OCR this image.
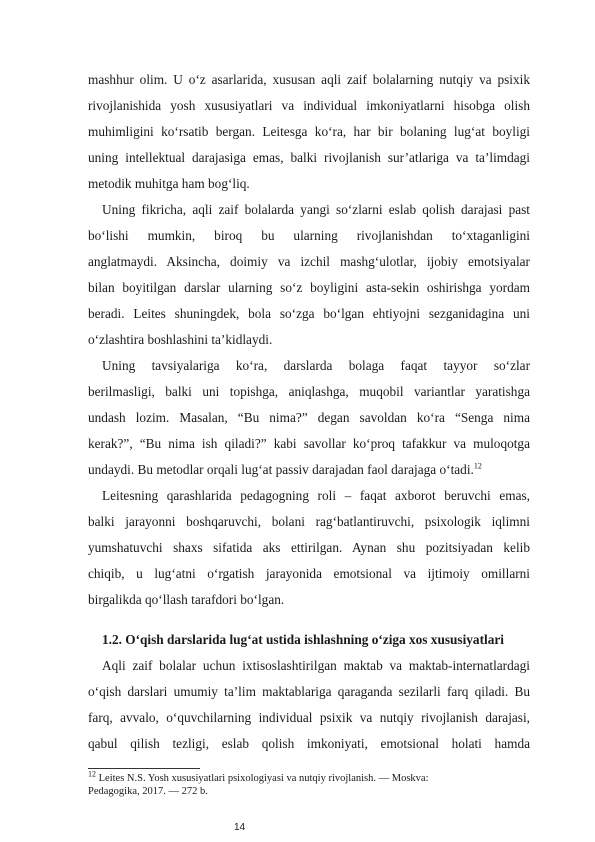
mashhur olim. U o‘z asarlarida, xususan aqli zaif bolalarning nutqiy va psixik
rivojlanishida yosh xususiyatlari va individual imkoniyatlarni hisobga olish
muhimligini ko‘rsatib bergan. Leitesga ko‘ra, har bir bolaning lug‘at boyligi
uning intellektual darajasiga emas, balki rivojlanish sur’atlariga va ta’limdagi
metodik muhitga ham bog‘liq.
Uning fikricha, aqli zaif bolalarda yangi so‘zlarni eslab qolish darajasi past
bo‘lishi mumkin, biroq bu ularning rivojlanishdan to‘xtaganligini
anglatmaydi. Aksincha, doimiy va izchil mashg‘ulotlar, ijobiy emotsiyalar
bilan boyitilgan darslar ularning so‘z boyligini asta-sekin oshirishga yordam
beradi. Leites shuningdek, bola so‘zga bo‘lgan ehtiyojni sezganidagina uni
o‘zlashtira boshlashini ta’kidlaydi.
Uning tavsiyalariga ko‘ra, darslarda bolaga faqat tayyor so‘zlar
berilmasligi, balki uni topishga, aniqlashga, muqobil variantlar yaratishga
undash lozim. Masalan, “Bu nima?” degan savoldan ko‘ra “Senga nima
kerak?”, “Bu nima ish qiladi?” kabi savollar ko‘proq tafakkur va muloqotga
undaydi. Bu metodlar orqali lug‘at passiv darajadan faol darajaga o‘tadi.$^{12}$
Leitesning qarashlarida pedagogning roli – faqat axborot beruvchi emas,
balki jarayonni boshqaruvchi, bolani rag‘batlantiruvchi, psixologik iqlimni
yumshatuvchi shaxs sifatida aks ettirilgan. Aynan shu pozitsiyadan kelib
chiqib, u lug‘atni o‘rgatish jarayonida emotsional va ijtimoiy omillarni
birgalikda qo‘llash tarafdori bo‘lgan.
1.2. O‘qish darslarida lug‘at ustida ishlashning o‘ziga xos xususiyatlari
Aqli zaif bolalar uchun ixtisoslashtirilgan maktab va maktab-internatlardagi
o‘qish darslari umumiy ta’lim maktablariga qaraganda sezilarli farq qiladi. Bu
farq, avvalo, o‘quvchilarning individual psixik va nutqiy rivojlanish darajasi,
qabul qilish tezligi, eslab qolish imkoniyati, emotsional holati hamda
$^{12}$ Leites N.S. Yosh xususiyatlari psixologiyasi va nutqiy rivojlanish. — Moskva:
Pedagogika, 2017. — 272 b.
14
